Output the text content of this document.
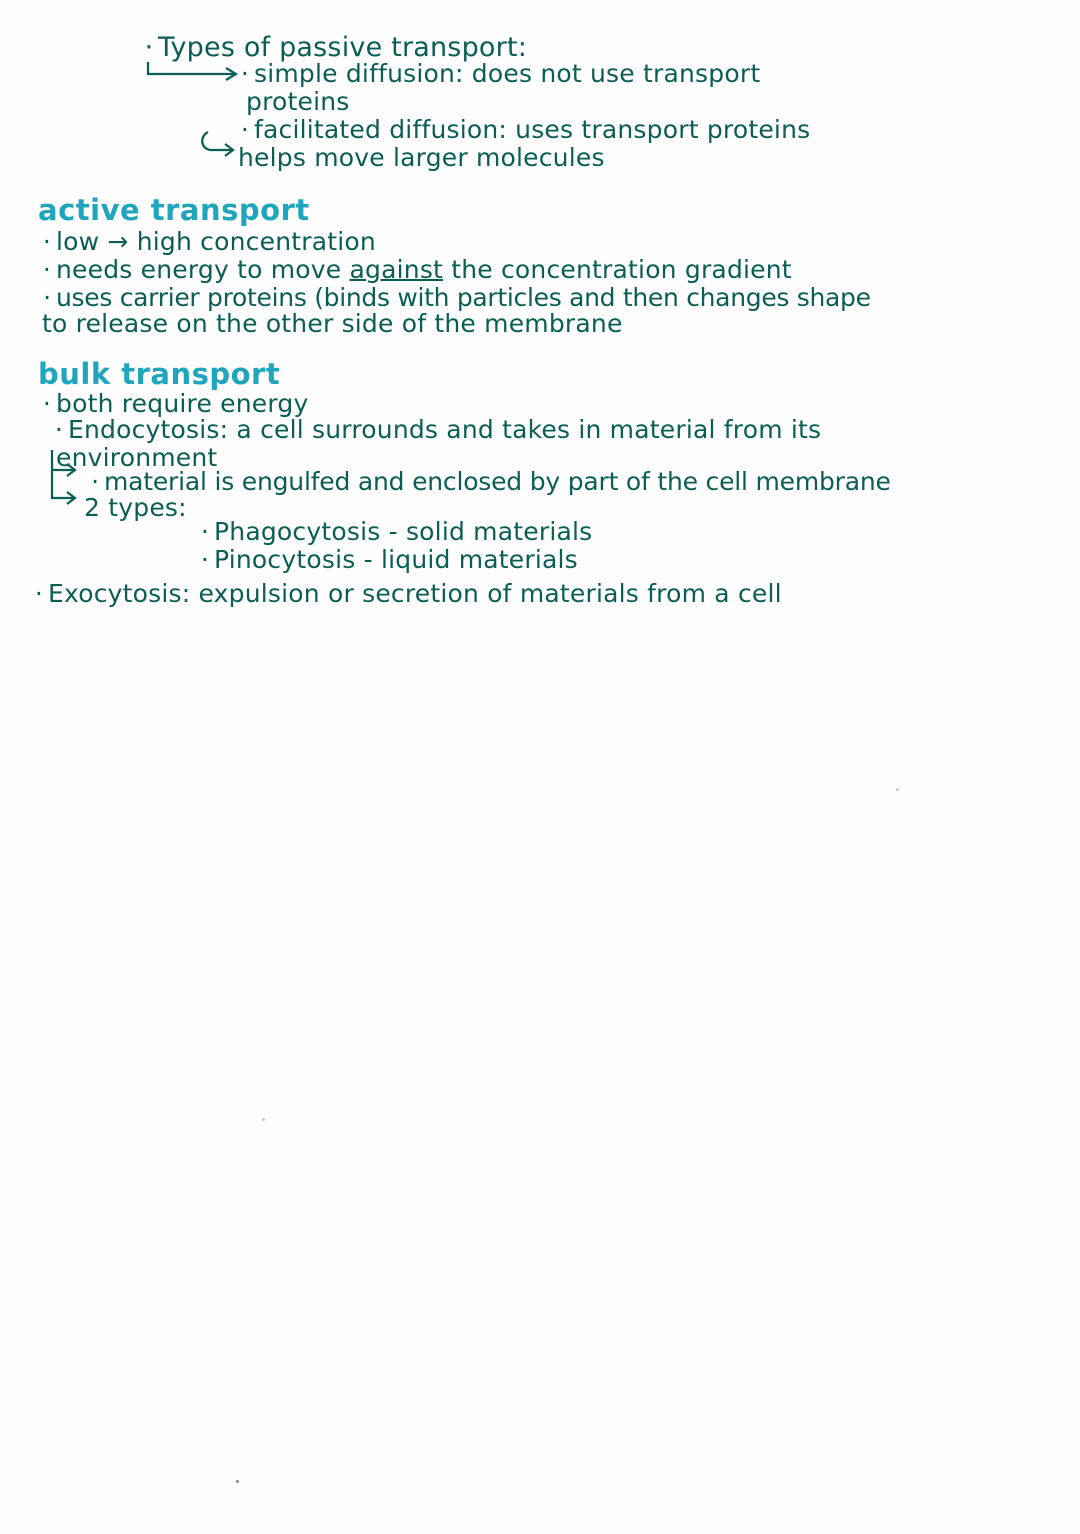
· Types of passive transport:
· simple diffusion: does not use transport
proteins
· facilitated diffusion: uses transport proteins
helps move larger molecules
active transport
· low → high concentration
· needs energy to move against the concentration gradient
· uses carrier proteins (binds with particles and then changes shape
to release on the other side of the membrane
bulk transport
· both require energy
· Endocytosis: a cell surrounds and takes in material from its
environment
· material is engulfed and enclosed by part of the cell membrane
2 types:
· Phagocytosis - solid materials
· Pinocytosis - liquid materials
· Exocytosis: expulsion or secretion of materials from a cell
